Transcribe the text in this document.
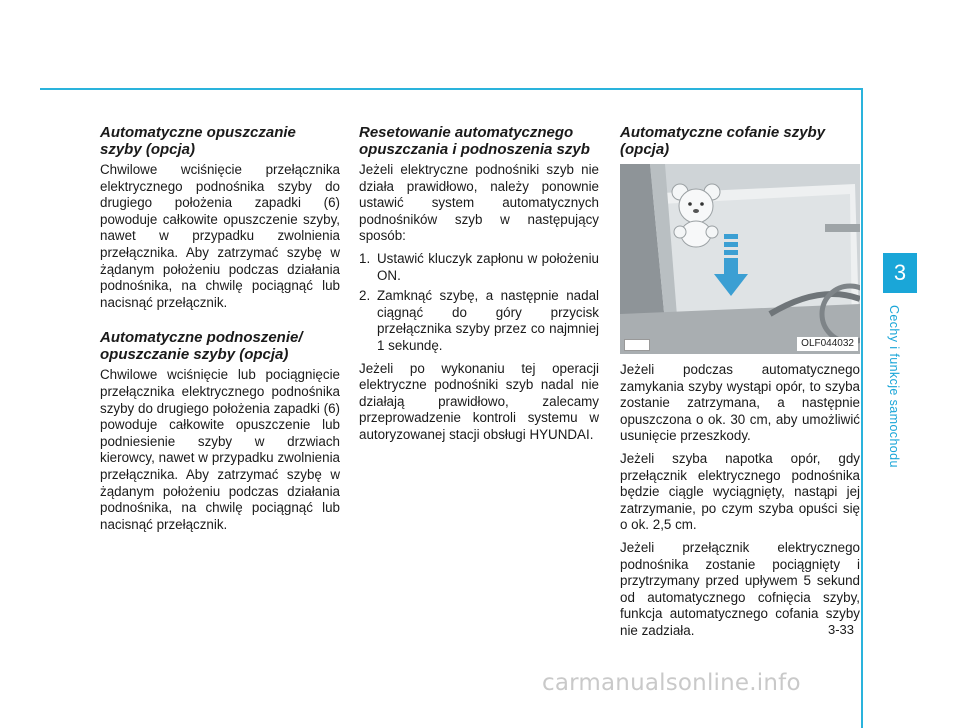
3
Cechy i funkcje samochodu
Automatyczne opuszczanie szyby (opcja)

Chwilowe wciśnięcie przełącznika elektrycznego podnośnika szyby do drugiego położenia zapadki (6) powoduje całkowite opuszczenie szyby, nawet w przypadku zwolnienia przełącznika. Aby zatrzymać szybę w żądanym położeniu podczas działania podnośnika, na chwilę pociągnąć lub nacisnąć przełącznik.

Automatyczne podnoszenie/ opuszczanie szyby (opcja)

Chwilowe wciśnięcie lub pociągnięcie przełącznika elektrycznego podnośnika szyby do drugiego położenia zapadki (6) powoduje całkowite opuszczenie lub podniesienie szyby w drzwiach kierowcy, nawet w przypadku zwolnienia przełącznika. Aby zatrzymać szybę w żądanym położeniu podczas działania podnośnika, na chwilę pociągnąć lub nacisnąć przełącznik.

Resetowanie automatycznego opuszczania i podnoszenia szyb

Jeżeli elektryczne podnośniki szyb nie działa prawidłowo, należy ponownie ustawić system automatycznych podnośników szyb w następujący sposób:

1. Ustawić kluczyk zapłonu w położeniu ON.
2. Zamknąć szybę, a następnie nadal ciągnąć do góry przycisk przełącznika szyby przez co najmniej 1 sekundę.

Jeżeli po wykonaniu tej operacji elektryczne podnośniki szyb nadal nie działają prawidłowo, zalecamy przeprowadzenie kontroli systemu w autoryzowanej stacji obsługi HYUNDAI.

Automatyczne cofanie szyby (opcja)
OLF044032

Jeżeli podczas automatycznego zamykania szyby wystąpi opór, to szyba zostanie zatrzymana, a następnie opuszczona o ok. 30 cm, aby umożliwić usunięcie przeszkody.

Jeżeli szyba napotka opór, gdy przełącznik elektrycznego podnośnika będzie ciągle wyciągnięty, nastąpi jej zatrzymanie, po czym szyba opuści się o ok. 2,5 cm.

Jeżeli przełącznik elektrycznego podnośnika zostanie pociągnięty i przytrzymany przed upływem 5 sekund od automatycznego cofnięcia szyby, funkcja automatycznego cofania szyby nie zadziała.	3-33
carmanualsonline.info
